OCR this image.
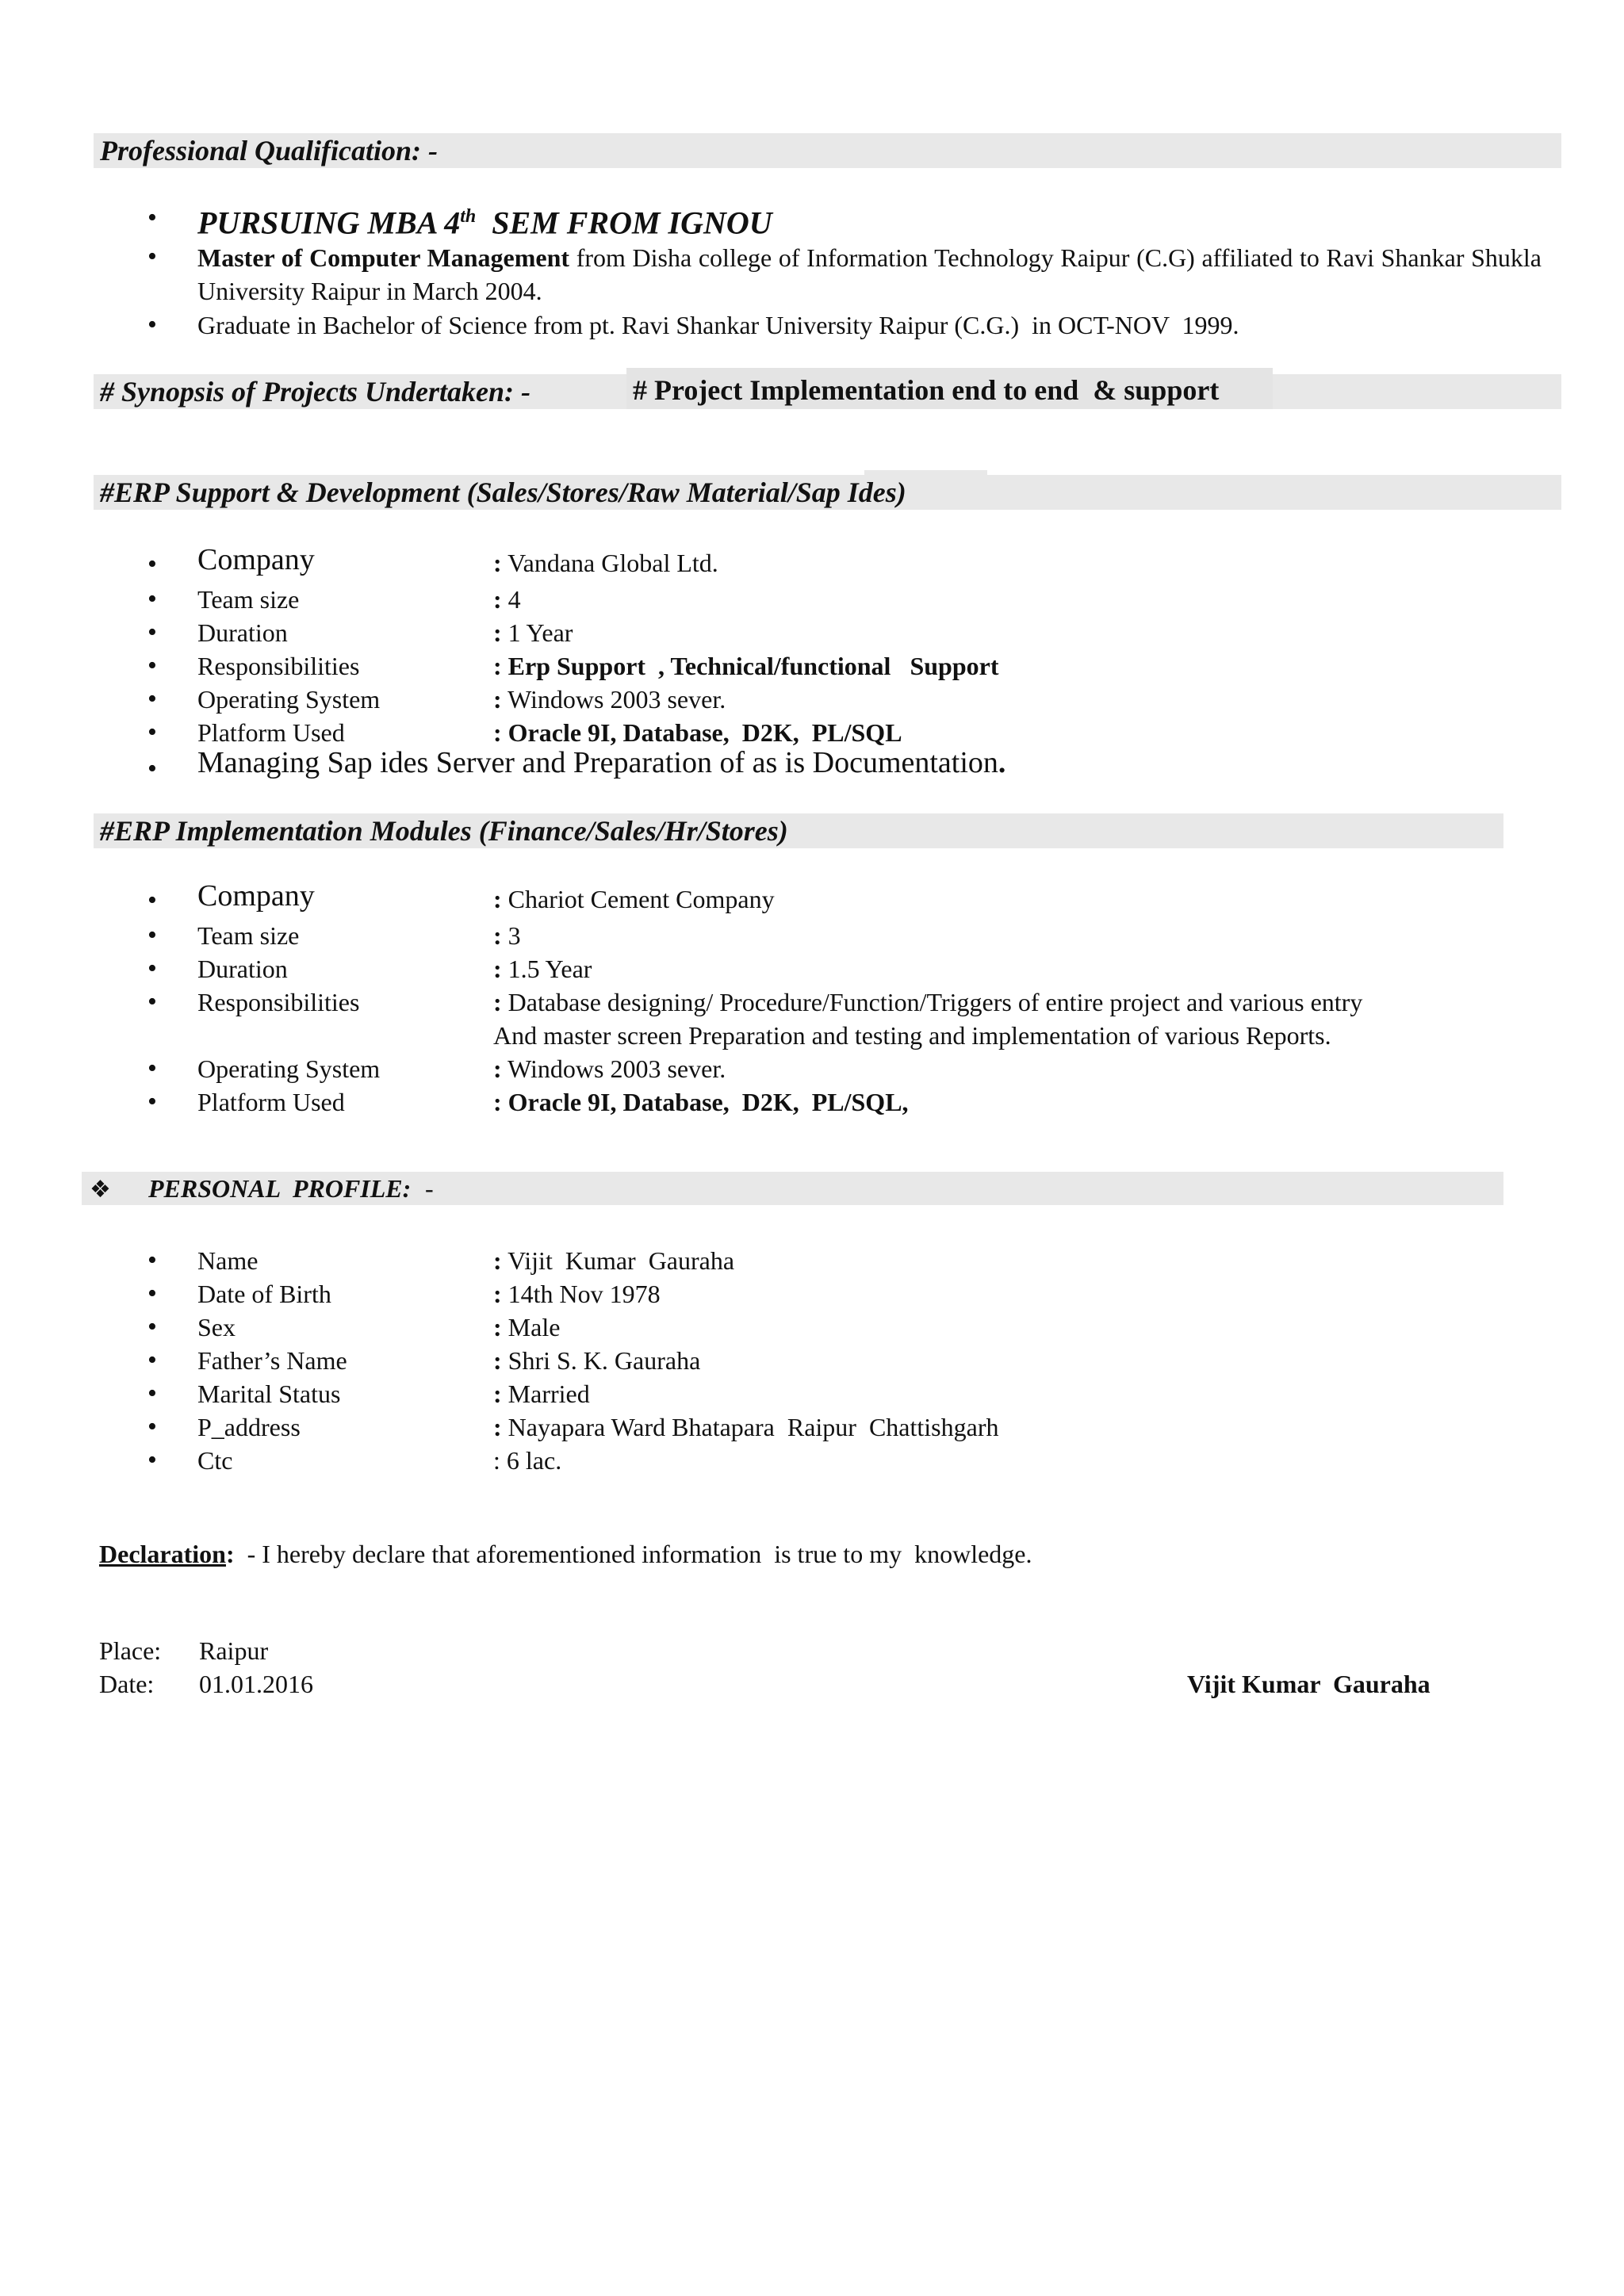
Professional Qualification: -
• PURSUING MBA 4th  SEM FROM IGNOU
• Master of Computer Management from Disha college of Information Technology Raipur (C.G) affiliated to Ravi Shankar Shukla University Raipur in March 2004.
• Graduate in Bachelor of Science from pt. Ravi Shankar University Raipur (C.G.)  in OCT-NOV  1999.
# Synopsis of Projects Undertaken: -	# Project Implementation end to end  & support
#ERP Support & Development (Sales/Stores/Raw Material/Sap Ides)
• Company	: Vandana Global Ltd.
• Team size	: 4
• Duration	: 1 Year
• Responsibilities	: Erp Support  , Technical/functional   Support
• Operating System	: Windows 2003 sever.
• Platform Used	: Oracle 9I, Database,  D2K,  PL/SQL
• Managing Sap ides Server and Preparation of as is Documentation.
#ERP Implementation Modules (Finance/Sales/Hr/Stores)
• Company	: Chariot Cement Company
• Team size	: 3
• Duration	: 1.5 Year
• Responsibilities	: Database designing/ Procedure/Function/Triggers of entire project and various entry
And master screen Preparation and testing and implementation of various Reports.
• Operating System	: Windows 2003 sever.
• Platform Used	: Oracle 9I, Database,  D2K,  PL/SQL,
❖ PERSONAL  PROFILE: -
• Name	: Vijit  Kumar  Gauraha
• Date of Birth	: 14th Nov 1978
• Sex	: Male
• Father’s Name	: Shri S. K. Gauraha
• Marital Status	: Married
• P_address	: Nayapara Ward Bhatapara  Raipur  Chattishgarh
• Ctc	: 6 lac.
Declaration:  - I hereby declare that aforementioned information  is true to my  knowledge.
Place: Raipur
Date: 01.01.2016	Vijit Kumar  Gauraha
